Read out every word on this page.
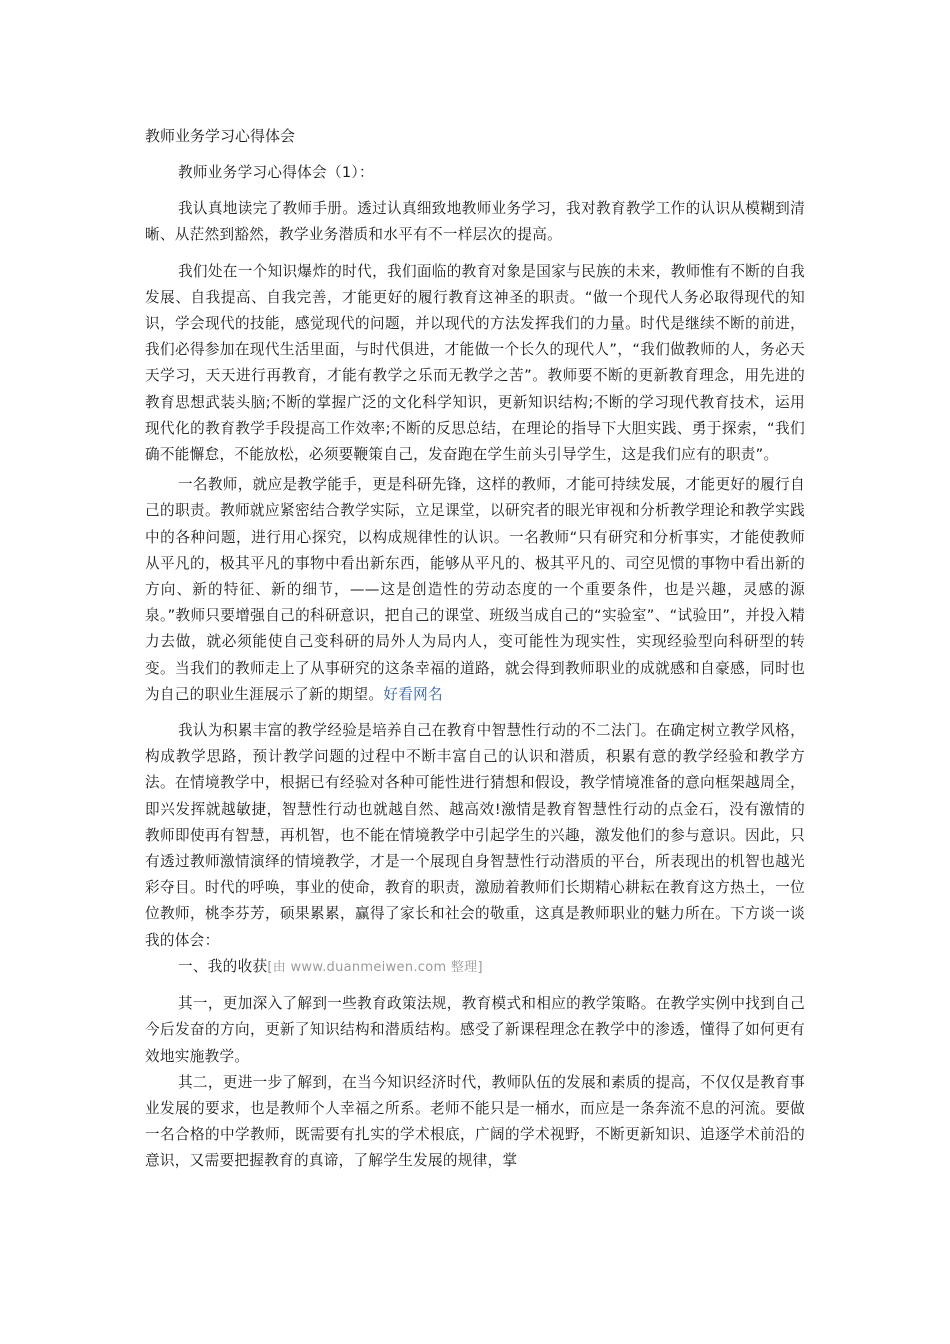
教师业务学习心得体会

教师业务学习心得体会（1）：

我认真地读完了教师手册。透过认真细致地教师业务学习，我对教育教学工作的认识从模糊到清晰、从茫然到豁然，教学业务潜质和水平有不一样层次的提高。

我们处在一个知识爆炸的时代，我们面临的教育对象是国家与民族的未来，教师惟有不断的自我发展、自我提高、自我完善，才能更好的履行教育这神圣的职责。“做一个现代人务必取得现代的知识，学会现代的技能，感觉现代的问题，并以现代的方法发挥我们的力量。时代是继续不断的前进，我们必得参加在现代生活里面，与时代俱进，才能做一个长久的现代人”，“我们做教师的人，务必天天学习，天天进行再教育，才能有教学之乐而无教学之苦”。教师要不断的更新教育理念，用先进的教育思想武装头脑;不断的掌握广泛的文化科学知识，更新知识结构;不断的学习现代教育技术，运用现代化的教育教学手段提高工作效率;不断的反思总结，在理论的指导下大胆实践、勇于探索，“我们确不能懈怠，不能放松，必须要鞭策自己，发奋跑在学生前头引导学生，这是我们应有的职责”。

一名教师，就应是教学能手，更是科研先锋，这样的教师，才能可持续发展，才能更好的履行自己的职责。教师就应紧密结合教学实际，立足课堂，以研究者的眼光审视和分析教学理论和教学实践中的各种问题，进行用心探究，以构成规律性的认识。一名教师“只有研究和分析事实，才能使教师从平凡的，极其平凡的事物中看出新东西，能够从平凡的、极其平凡的、司空见惯的事物中看出新的方向、新的特征、新的细节，——这是创造性的劳动态度的一个重要条件，也是兴趣，灵感的源泉。”教师只要增强自己的科研意识，把自己的课堂、班级当成自己的“实验室”、“试验田”，并投入精力去做，就必须能使自己变科研的局外人为局内人，变可能性为现实性，实现经验型向科研型的转变。当我们的教师走上了从事研究的这条幸福的道路，就会得到教师职业的成就感和自豪感，同时也为自己的职业生涯展示了新的期望。好看网名

我认为积累丰富的教学经验是培养自己在教育中智慧性行动的不二法门。在确定树立教学风格，构成教学思路，预计教学问题的过程中不断丰富自己的认识和潜质，积累有意的教学经验和教学方法。在情境教学中，根据已有经验对各种可能性进行猜想和假设，教学情境准备的意向框架越周全，即兴发挥就越敏捷，智慧性行动也就越自然、越高效!激情是教育智慧性行动的点金石，没有激情的教师即使再有智慧，再机智，也不能在情境教学中引起学生的兴趣，激发他们的参与意识。因此，只有透过教师激情演绎的情境教学，才是一个展现自身智慧性行动潜质的平台，所表现出的机智也越光彩夺目。时代的呼唤，事业的使命，教育的职责，激励着教师们长期精心耕耘在教育这方热土，一位位教师，桃李芬芳，硕果累累，赢得了家长和社会的敬重，这真是教师职业的魅力所在。下方谈一谈我的体会：

一、我的收获[由 www.duanmeiwen.com 整理]

其一，更加深入了解到一些教育政策法规，教育模式和相应的教学策略。在教学实例中找到自己今后发奋的方向，更新了知识结构和潜质结构。感受了新课程理念在教学中的渗透，懂得了如何更有效地实施教学。

其二，更进一步了解到，在当今知识经济时代，教师队伍的发展和素质的提高，不仅仅是教育事业发展的要求，也是教师个人幸福之所系。老师不能只是一桶水，而应是一条奔流不息的河流。要做一名合格的中学教师，既需要有扎实的学术根底，广阔的学术视野，不断更新知识、追逐学术前沿的意识，又需要把握教育的真谛，了解学生发展的规律，掌
